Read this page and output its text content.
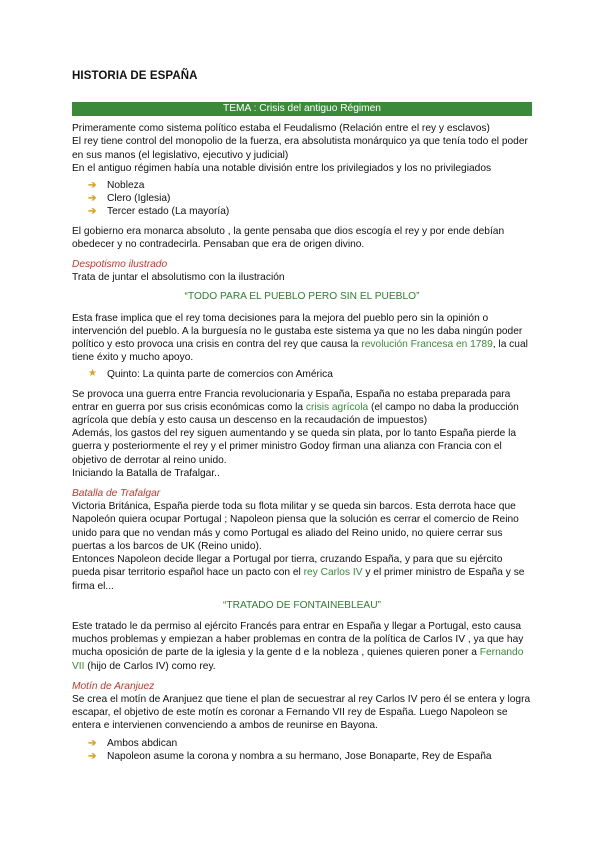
HISTORIA DE ESPAÑA
TEMA : Crisis del antiguo Régimen

Primeramente como sistema político estaba el Feudalismo (Relación entre el rey y esclavos)

El rey tiene control del monopolio de la fuerza, era absolutista monárquico ya que tenía todo el poder en sus manos (el legislativo, ejecutivo y judicial)

En el antiguo régimen había una notable división entre los privilegiados y los no privilegiados

➔ Nobleza
➔ Clero (Iglesia)
➔ Tercer estado (La mayoría)

El gobierno era monarca absoluto , la gente pensaba que dios escogía el rey y por ende debían obedecer y no contradecirla. Pensaban que era de origen divino.

Despotismo ilustrado

Trata de juntar el absolutismo con la ilustración

“TODO PARA EL PUEBLO PERO SIN EL PUEBLO”

Esta frase implica que el rey toma decisiones para la mejora del pueblo pero sin la opinión o intervención del pueblo. A la burguesía no le gustaba este sistema ya que no les daba ningún poder político y esto provoca una crisis en contra del rey que causa la revolución Francesa en 1789, la cual tiene éxito y mucho apoyo.

★ Quinto: La quinta parte de comercios con América

Se provoca una guerra entre Francia revolucionaria y España, España no estaba preparada para entrar en guerra por sus crisis económicas como la crisis agrícola (el campo no daba la producción agrícola que debía y esto causa un descenso en la recaudación de impuestos)

Además, los gastos del rey siguen aumentando y se queda sin plata, por lo tanto España pierde la guerra y posteriormente el rey y el primer ministro Godoy firman una alianza con Francia con el objetivo de derrotar al reino unido.

Iniciando la Batalla de Trafalgar..

Batalla de Trafalgar

Victoria Británica, España pierde toda su flota militar y se queda sin barcos. Esta derrota hace que Napoleón quiera ocupar Portugal ; Napoleon piensa que la solución es cerrar el comercio de Reino unido para que no vendan más y como Portugal es aliado del Reino unido, no quiere cerrar sus puertas a los barcos de UK (Reino unido).

Entonces Napoleon decide llegar a Portugal por tierra, cruzando España, y para que su ejército pueda pisar territorio español hace un pacto con el rey Carlos IV y el primer ministro de España y se firma el...

“TRATADO DE FONTAINEBLEAU”

Este tratado le da permiso al ejército Francés para entrar en España y llegar a Portugal, esto causa muchos problemas y empiezan a haber problemas en contra de la política de Carlos IV , ya que hay mucha oposición de parte de la iglesia y la gente d e la nobleza , quienes quieren poner a Fernando VII (hijo de Carlos IV) como rey.

Motín de Aranjuez

Se crea el motín de Aranjuez que tiene el plan de secuestrar al rey Carlos IV pero él se entera y logra escapar, el objetivo de este motín es coronar a Fernando VII rey de España. Luego Napoleon se entera e intervienen convenciendo a ambos de reunirse en Bayona.

➔ Ambos abdican
➔ Napoleon asume la corona y nombra a su hermano, Jose Bonaparte, Rey de España
